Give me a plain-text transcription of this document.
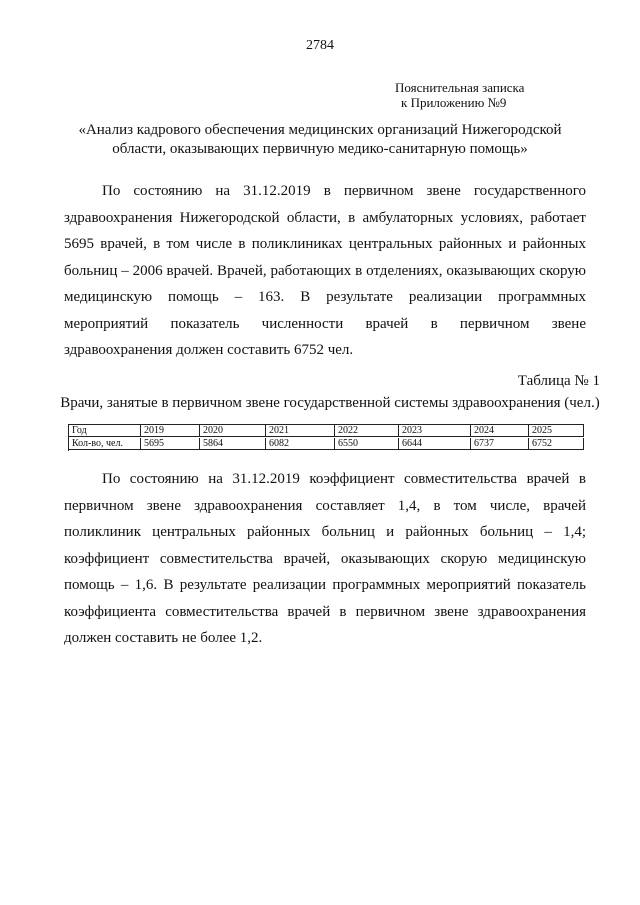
2784
Пояснительная записка
к Приложению №9
«Анализ кадрового обеспечения медицинских организаций Нижегородской
области, оказывающих первичную медико-санитарную помощь»
По состоянию на 31.12.2019 в первичном звене государственного здравоохранения Нижегородской области, в амбулаторных условиях, работает 5695 врачей, в том числе в поликлиниках центральных районных и районных больниц – 2006 врачей. Врачей, работающих в отделениях, оказывающих скорую медицинскую помощь – 163. В результате реализации программных мероприятий показатель численности врачей в первичном звене здравоохранения должен составить 6752 чел.
Таблица № 1
Врачи, занятые в первичном звене государственной системы здравоохранения (чел.)
Год	2019	2020	2021	2022	2023	2024	2025
Кол-во, чел.	5695	5864	6082	6550	6644	6737	6752
По состоянию на 31.12.2019 коэффициент совместительства врачей в первичном звене здравоохранения составляет 1,4, в том числе, врачей поликлиник центральных районных больниц и районных больниц – 1,4; коэффициент совместительства врачей, оказывающих скорую медицинскую помощь – 1,6. В результате реализации программных мероприятий показатель коэффициента совместительства врачей в первичном звене здравоохранения должен составить не более 1,2.
